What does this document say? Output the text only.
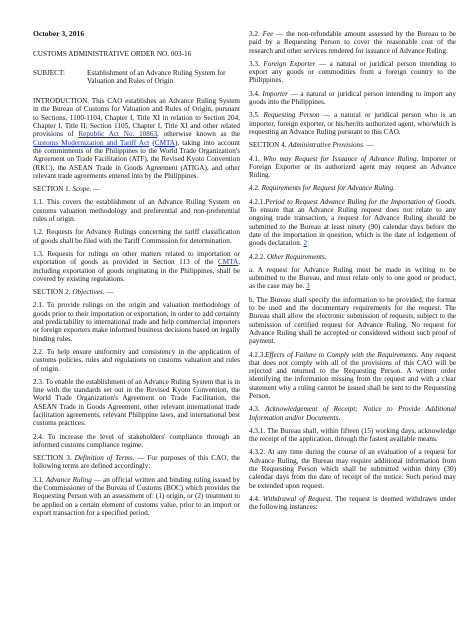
October 3, 2016
CUSTOMS ADMINISTRATIVE ORDER NO. 003-16
SUBJECT:	Establishment of an Advance Ruling System for Valuation and Rules of Origin

INTRODUCTION. This CAO establishes an Advance Ruling System in the Bureau of Customs for Valuation and Rules of Origin, pursuant to Sections, 1100-1104, Chapter I, Title XI in relation to Section 204, Chapter I, Title II; Section 1105, Chapter I, Title XI and other related provisions of Republic Act No. 10863, otherwise known as the Customs Modernization and Tariff Act (CMTA), taking into account the commitments of the Philippines to the World Trade Organization's Agreement on Trade Facilitation (ATF), the Revised Kyoto Convention (RKC), the ASEAN Trade in Goods Agreement (ATIGA), and other relevant trade agreements entered into by the Philippines.

SECTION 1. Scope. —

1.1. This covers the establishment of an Advance Ruling System on customs valuation methodology and preferential and non-preferential rules of origin.

1.2. Requests for Advance Rulings concerning the tariff classification of goods shall be filed with the Tariff Commission for determination.

1.3. Requests for rulings on other matters related to importation or exportation of goods as provided in Section 113 of the CMTA, including exportation of goods originating in the Philippines, shall be covered by existing regulations.

SECTION 2. Objectives. —

2.1. To provide rulings on the origin and valuation methodology of goods prior to their importation or exportation, in order to add certainty and predictability to international trade and help commercial importers or foreign exporters make informed business decisions based on legally binding rules.

2.2. To help ensure uniformity and consistency in the application of customs policies, rules and regulations on customs valuation and rules of origin.

2.3. To enable the establishment of an Advance Ruling System that is in line with the standards set out in the Revised Kyoto Convention, the World Trade Organization's Agreement on Trade Facilitation, the ASEAN Trade in Goods Agreement, other relevant international trade facilitation agreements, relevant Philippine laws, and international best customs practices.

2.4. To increase the level of stakeholders' compliance through an informed customs compliance regime.

SECTION 3. Definition of Terms. — For purposes of this CAO, the following terms are defined accordingly:

3.1. Advance Ruling — an official written and binding ruling issued by the Commissioner of the Bureau of Customs (BOC) which provides the Requesting Person with an assessment of: (1) origin, or (2) treatment to be applied on a certain element of customs value, prior to an import or export transaction for a specified period.

3.2. Fee — the non-refundable amount assessed by the Bureau to be paid by a Requesting Person to cover the reasonable cost of the research and other services rendered for issuance of Advance Ruling.

3.3. Foreign Exporter — a natural or juridical person intending to export any goods or commodities from a foreign country to the Philippines.

3.4. Importer — a natural or juridical person intending to import any goods into the Philippines.

3.5. Requesting Person — a natural or juridical person who is an importer, foreign exporter, or his/her/its authorized agent, who/which is requesting an Advance Ruling pursuant to this CAO.

SECTION 4. Administrative Provisions. —

4.1. Who may Request for Issuance of Advance Ruling. Importer or Foreign Exporter or its authorized agent may request an Advance Ruling.

4.2. Requirements for Request for Advance Ruling.

4.2.1.Period to Request Advance Ruling for the Importation of Goods. To ensure that an Advance Ruling request does not relate to any ongoing trade transaction, a request for Advance Ruling should be submitted to the Bureau at least ninety (90) calendar days before the date of the importation in question, which is the date of lodgement of goods declaration. 2

4.2.2. Other Requirements.

a. A request for Advance Ruling must be made in writing to be submitted to the Bureau, and must relate only to one good or product, as the case may be. 3

b. The Bureau shall specify the information to be provided, the format to be used and the documentary requirements for the request. The Bureau shall allow the electronic submission of requests, subject to the submission of certified request for Advance Ruling. No request for Advance Ruling shall be accepted or considered without such proof of payment.

4.2.3.Effects of Failure to Comply with the Requirements. Any request that does not comply with all of the provisions of this CAO will be rejected and returned to the Requesting Person. A written order identifying the information missing from the request and with a clear statement why a ruling cannot be issued shall be sent to the Requesting Person.

4.3. Acknowledgement of Receipt; Notice to Provide Additional Information and/or Documents.

4.3.1. The Bureau shall, within fifteen (15) working days, acknowledge the receipt of the application, through the fastest available means.

4.3.2. At any time during the course of an evaluation of a request for Advance Ruling, the Bureau may require additional information from the Requesting Person which shall be submitted within thirty (30) calendar days from the date of receipt of the notice. Such period may be extended upon request.

4.4. Withdrawal of Request. The request is deemed withdrawn under the following instances:
